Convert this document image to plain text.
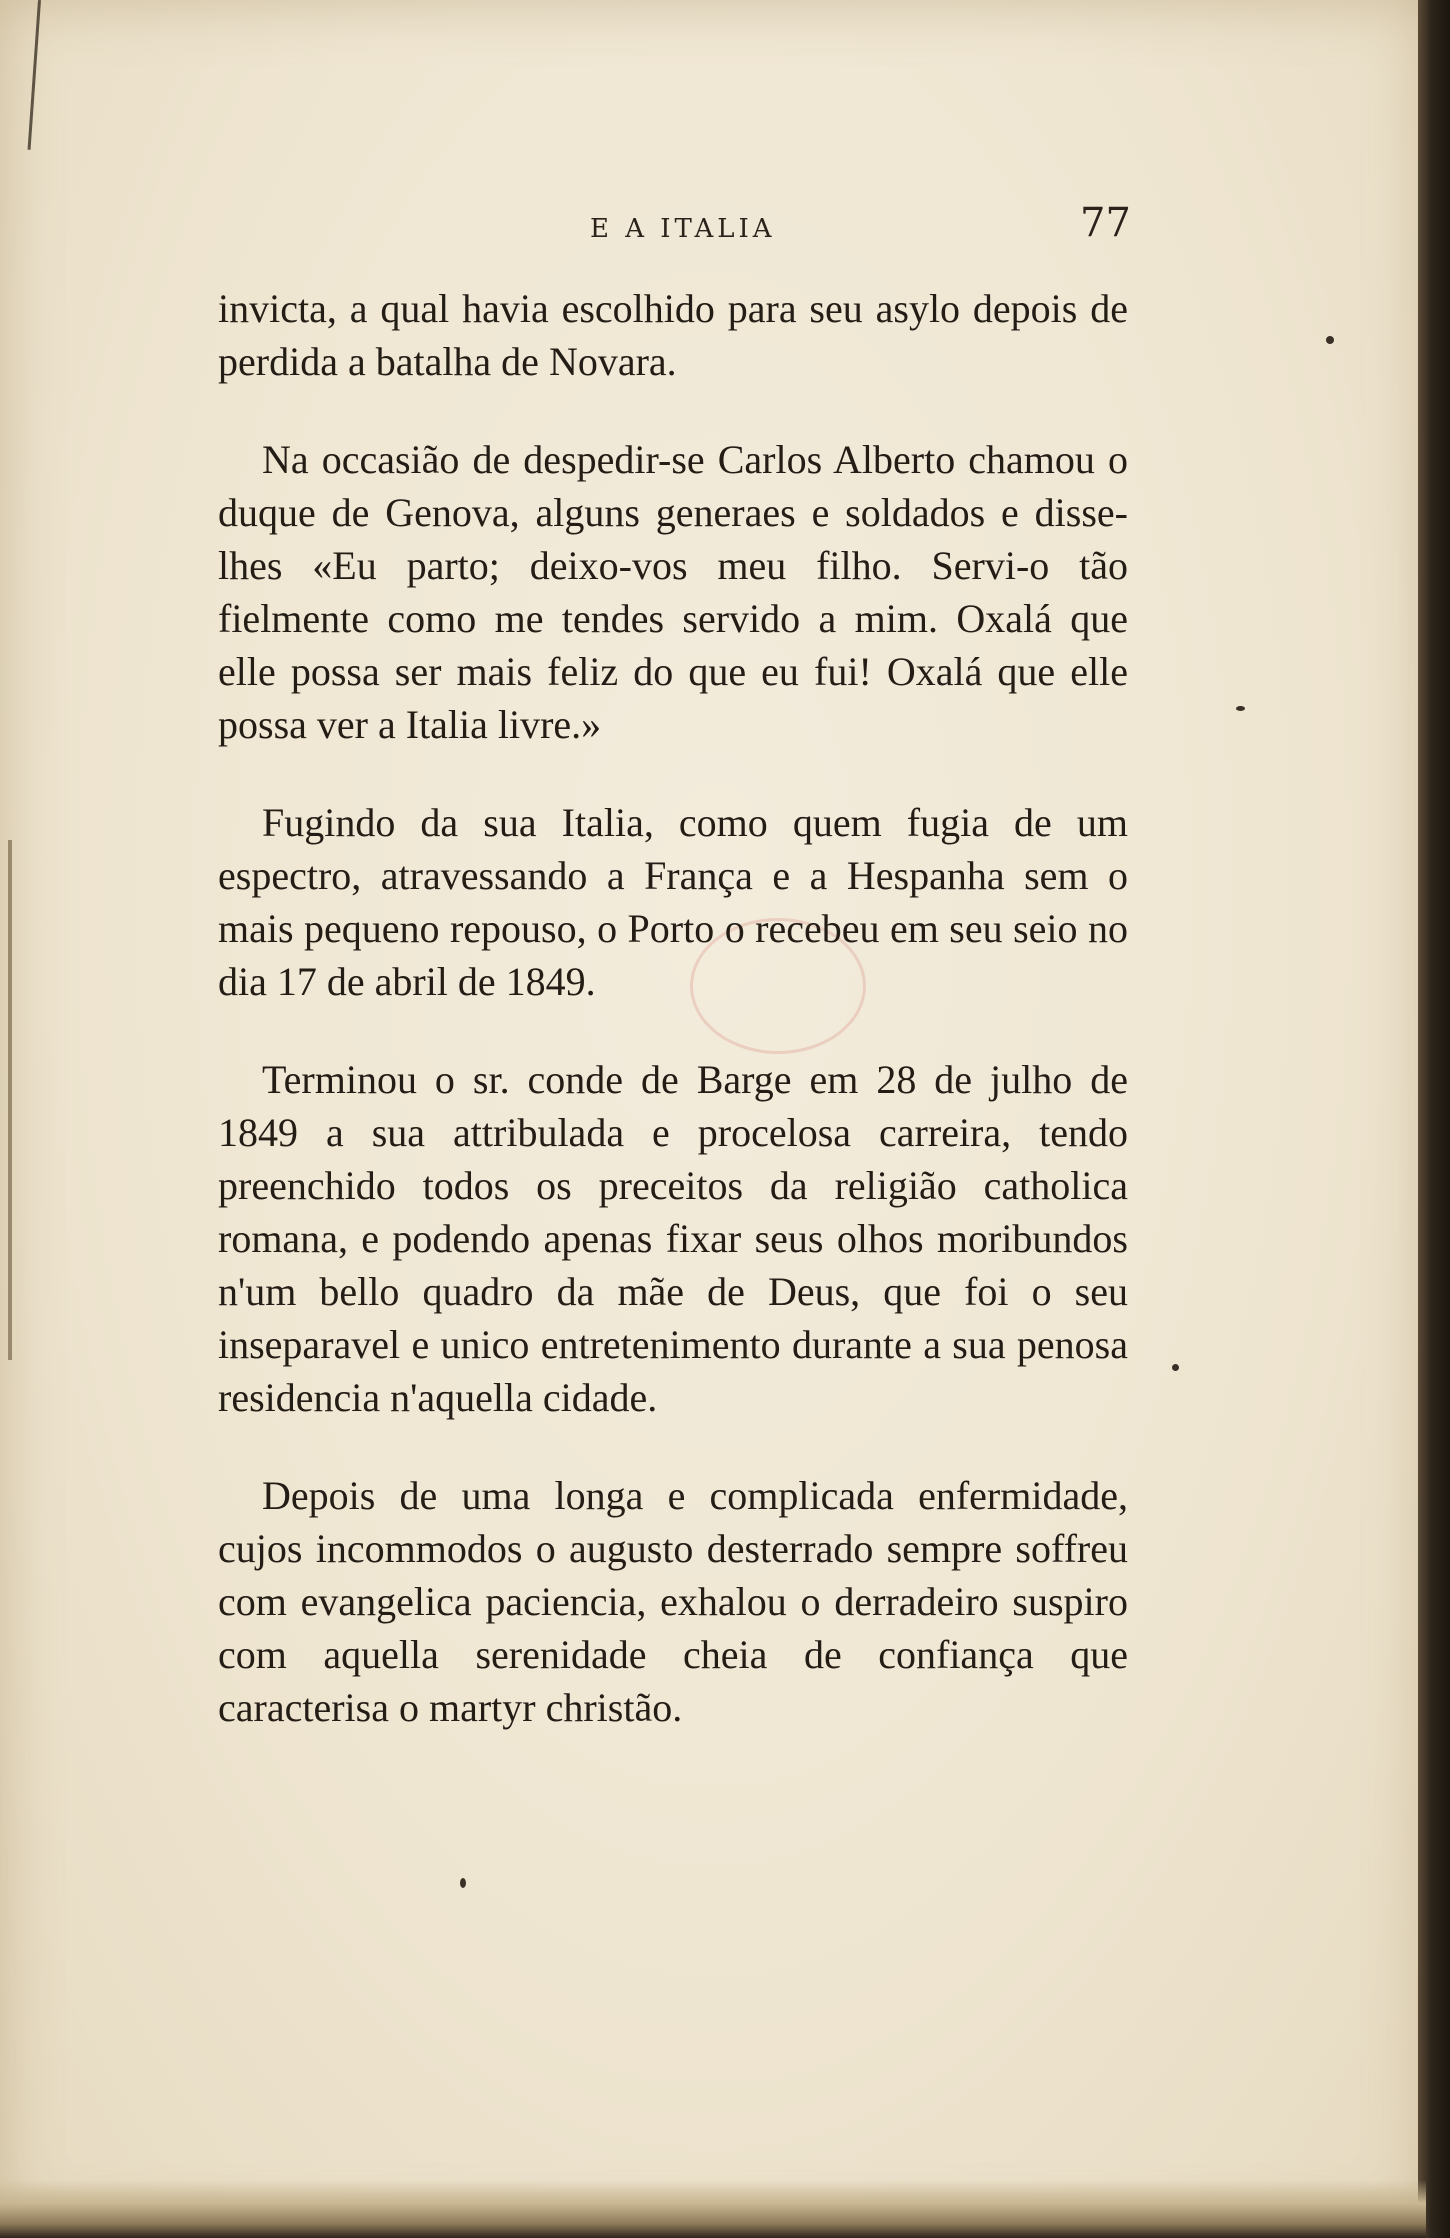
E A ITALIA	77

invicta, a qual havia escolhido para seu asylo depois de perdida a batalha de Novara.

Na occasião de despedir-se Carlos Alberto chamou o duque de Genova, alguns generaes e soldados e disse-lhes «Eu parto; deixo-vos meu filho. Servi-o tão fielmente como me tendes servido a mim. Oxalá que elle possa ser mais feliz do que eu fui! Oxalá que elle possa ver a Italia livre.»

Fugindo da sua Italia, como quem fugia de um espectro, atravessando a França e a Hespanha sem o mais pequeno repouso, o Porto o recebeu em seu seio no dia 17 de abril de 1849.

Terminou o sr. conde de Barge em 28 de julho de 1849 a sua attribulada e procelosa carreira, tendo preenchido todos os preceitos da religião catholica romana, e podendo apenas fixar seus olhos moribundos n'um bello quadro da mãe de Deus, que foi o seu inseparavel e unico entretenimento durante a sua penosa residencia n'aquella cidade.

Depois de uma longa e complicada enfermidade, cujos incommodos o augusto desterrado sempre soffreu com evangelica paciencia, exhalou o derradeiro suspiro com aquella serenidade cheia de confiança que caracterisa o martyr christão.
